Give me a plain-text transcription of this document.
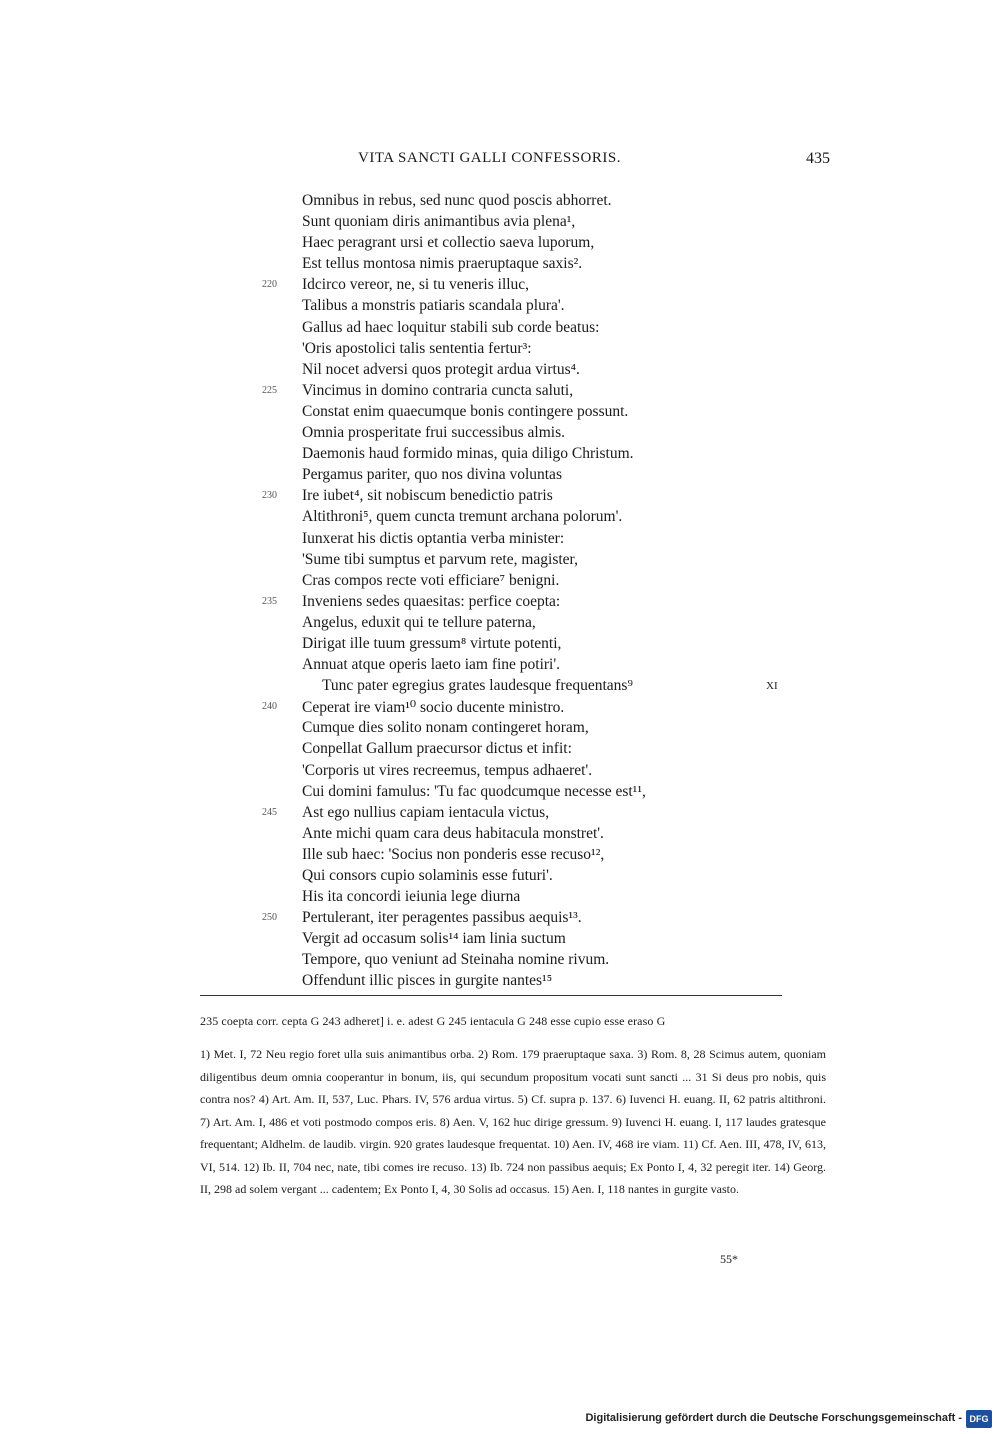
VITA SANCTI GALLI CONFESSORIS.	435
Omnibus in rebus, sed nunc quod poscis abhorret.
Sunt quoniam diris animantibus avia plena¹,
Haec peragrant ursi et collectio saeva luporum,
Est tellus montosa nimis praeruptaque saxis².
220 Idcirco vereor, ne, si tu veneris illuc,
Talibus a monstris patiaris scandala plura'.
Gallus ad haec loquitur stabili sub corde beatus:
'Oris apostolici talis sententia fertur³:
Nil nocet adversi quos protegit ardua virtus⁴.
225 Vincimus in domino contraria cuncta saluti,
Constat enim quaecumque bonis contingere possunt.
Omnia prosperitate frui successibus almis.
Daemonis haud formido minas, quia diligo Christum.
Pergamus pariter, quo nos divina voluntas
230 Ire iubet⁴, sit nobiscum benedictio patris
Altithroni⁵, quem cuncta tremunt archana polorum'.
Iunxerat his dictis optantia verba minister:
'Sume tibi sumptus et parvum rete, magister,
Cras compos recte voti efficiare⁷ benigni.
235 Inveniens sedes quaesitas: perfice coepta:
Angelus, eduxit qui te tellure paterna,
Dirigat ille tuum gressum⁸ virtute potenti,
Annuat atque operis laeto iam fine potiri'.
Tunc pater egregius grates laudesque frequentans⁹	XI
240 Ceperat ire viam¹⁰ socio ducente ministro.
Cumque dies solito nonam contingeret horam,
Conpellat Gallum praecursor dictus et infit:
'Corporis ut vires recreemus, tempus adhaeret'.
Cui domini famulus: 'Tu fac quodcumque necesse est¹¹,
245 Ast ego nullius capiam ientacula victus,
Ante michi quam cara deus habitacula monstret'.
Ille sub haec: 'Socius non ponderis esse recuso¹²,
Qui consors cupio solaminis esse futuri'.
His ita concordi ieiunia lege diurna
250 Pertulerant, iter peragentes passibus aequis¹³.
Vergit ad occasum solis¹⁴ iam linia suctum
Tempore, quo veniunt ad Steinaha nomine rivum.
Offendunt illic pisces in gurgite nantes¹⁵
235 coepta corr. cepta G 243 adheret] i. e. adest G 245 ientacula G 248 esse cupio esse eraso G

1) Met. I, 72 Neu regio foret ulla suis animantibus orba. 2) Rom. 179 praeruptaque saxa. 3) Rom. 8, 28 Scimus autem, quoniam diligentibus deum omnia cooperantur in bonum, iis, qui secundum propositum vocati sunt sancti ... 31 Si deus pro nobis, quis contra nos? 4) Art. Am. II, 537, Luc. Phars. IV, 576 ardua virtus. 5) Cf. supra p. 137. 6) Iuvenci H. euang. II, 62 patris altithroni. 7) Art. Am. I, 486 et voti postmodo compos eris. 8) Aen. V, 162 huc dirige gressum. 9) Iuvenci H. euang. I, 117 laudes gratesque frequentant; Aldhelm. de laudib. virgin. 920 grates laudesque frequentat. 10) Aen. IV, 468 ire viam. 11) Cf. Aen. III, 478, IV, 613, VI, 514. 12) Ib. II, 704 nec, nate, tibi comes ire recuso. 13) Ib. 724 non passibus aequis; Ex Ponto I, 4, 32 peregit iter. 14) Georg. II, 298 ad solem vergant ... cadentem; Ex Ponto I, 4, 30 Solis ad occasus. 15) Aen. I, 118 nantes in gurgite vasto.

55*
Digitalisierung gefördert durch die Deutsche Forschungsgemeinschaft - DFG
